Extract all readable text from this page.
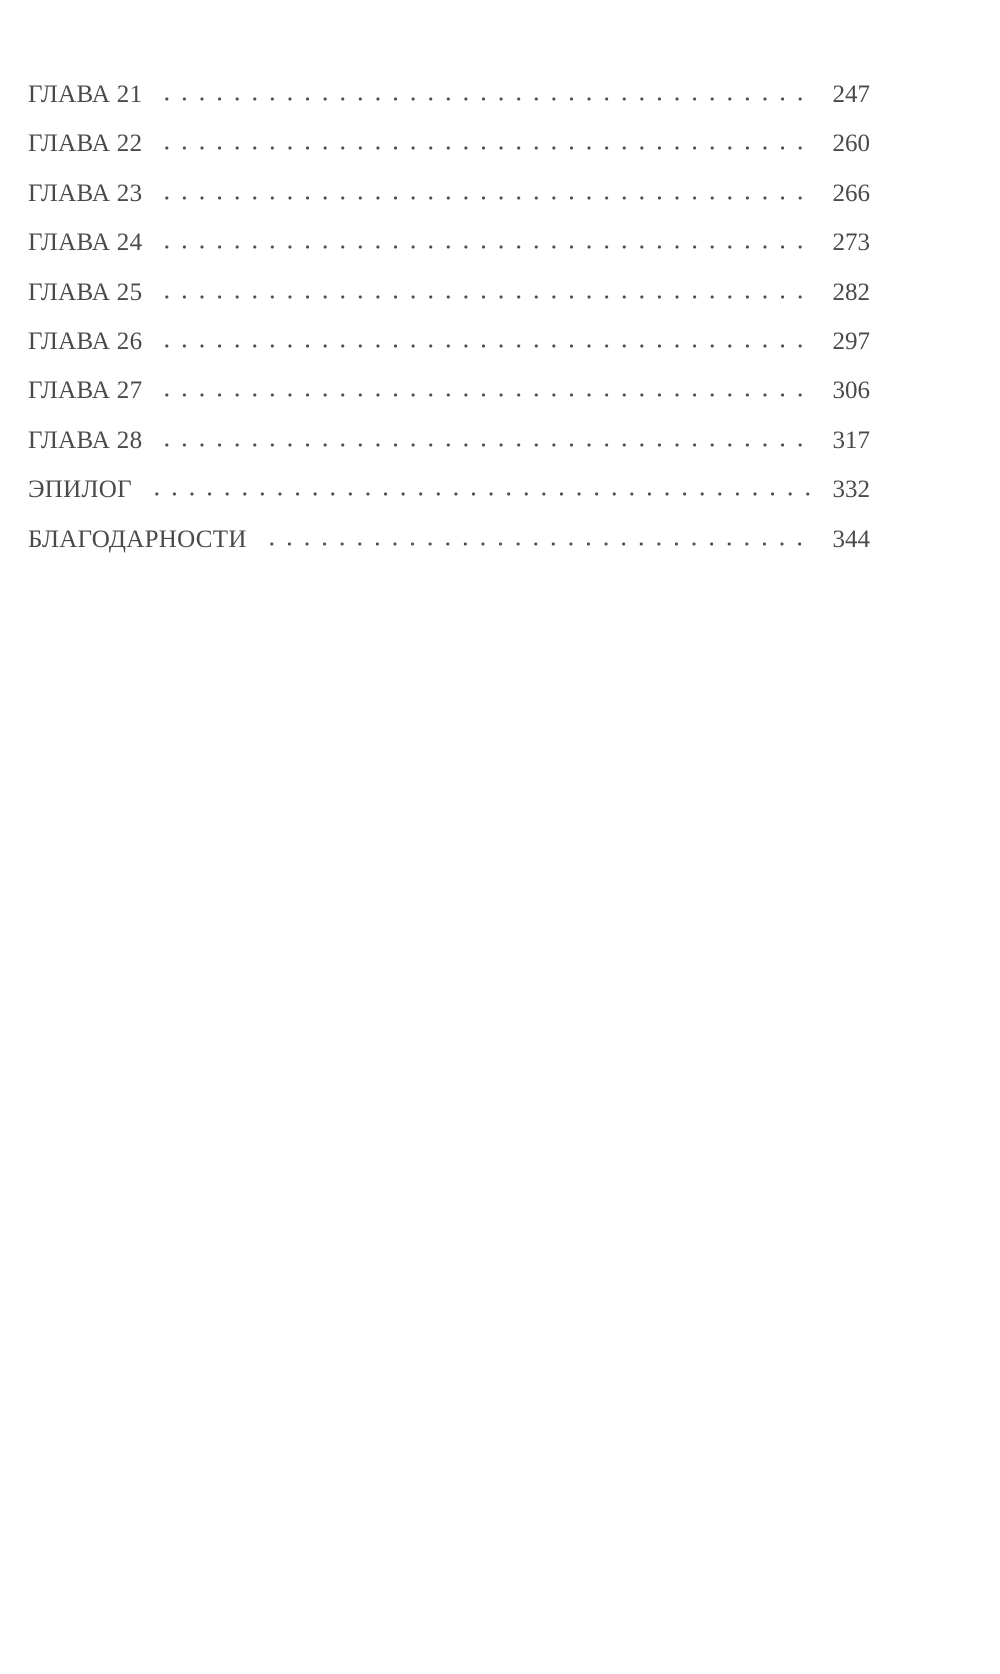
ГЛАВА 21	247
ГЛАВА 22	260
ГЛАВА 23	266
ГЛАВА 24	273
ГЛАВА 25	282
ГЛАВА 26	297
ГЛАВА 27	306
ГЛАВА 28	317
ЭПИЛОГ	332
БЛАГОДАРНОСТИ	344
